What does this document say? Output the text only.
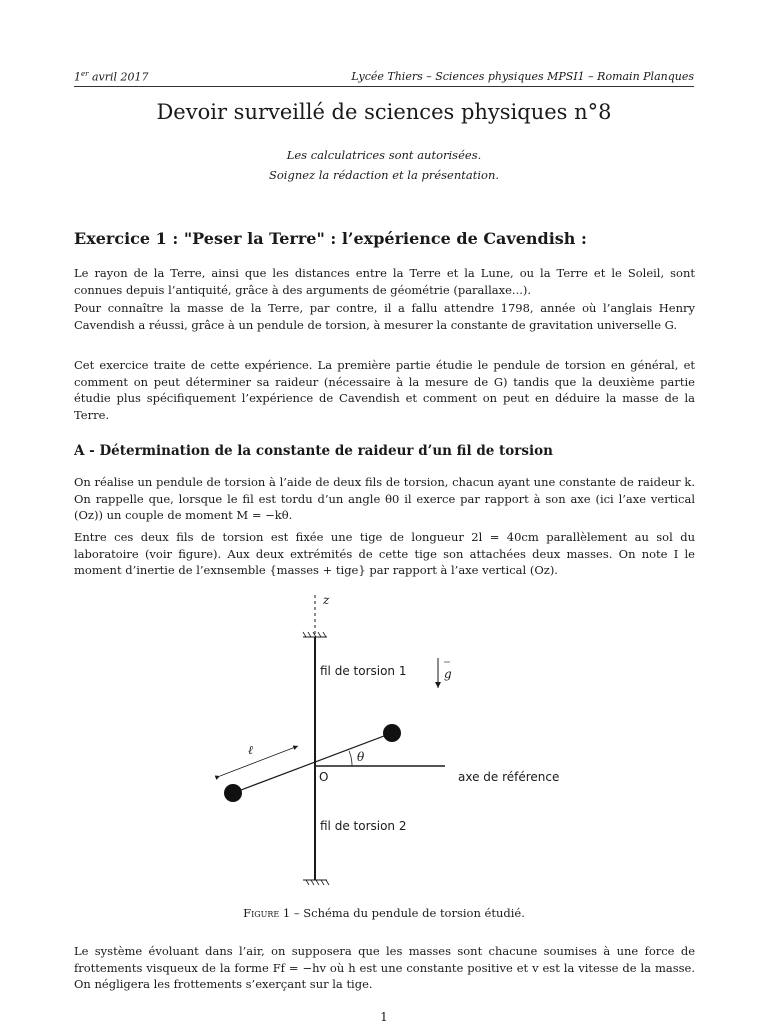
1er avril 2017	Lycée Thiers – Sciences physiques MPSI1 – Romain Planques
Devoir surveillé de sciences physiques n°8
Les calculatrices sont autorisées.
Soignez la rédaction et la présentation.
Exercice 1 : "Peser la Terre" : l’expérience de Cavendish :
Le rayon de la Terre, ainsi que les distances entre la Terre et la Lune, ou la Terre et le Soleil, sont connues depuis l’antiquité, grâce à des arguments de géométrie (parallaxe...).
Pour connaître la masse de la Terre, par contre, il a fallu attendre 1798, année où l’anglais Henry Cavendish a réussi, grâce à un pendule de torsion, à mesurer la constante de gravitation universelle G.
Cet exercice traite de cette expérience. La première partie étudie le pendule de torsion en général, et comment on peut déterminer sa raideur (nécessaire à la mesure de G) tandis que la deuxième partie étudie plus spécifiquement l’expérience de Cavendish et comment on peut en déduire la masse de la Terre.
A - Détermination de la constante de raideur d’un fil de torsion
On réalise un pendule de torsion à l’aide de deux fils de torsion, chacun ayant une constante de raideur k. On rappelle que, lorsque le fil est tordu d’un angle θ0 il exerce par rapport à son axe (ici l’axe vertical (Oz)) un couple de moment M = −kθ.
Entre ces deux fils de torsion est fixée une tige de longueur 2l = 40cm parallèlement au sol du laboratoire (voir figure). Aux deux extrémités de cette tige son attachées deux masses. On note I le moment d’inertie de l’exnsemble {masses + tige} par rapport à l’axe vertical (Oz).
z
fil de torsion 1
fil de torsion 2
g
θ
ℓ
O	axe de référence
Figure 1 – Schéma du pendule de torsion étudié.
Le système évoluant dans l’air, on supposera que les masses sont chacune soumises à une force de frottements visqueux de la forme Ff = −hv où h est une constante positive et v est la vitesse de la masse. On négligera les frottements s’exerçant sur la tige.
1
